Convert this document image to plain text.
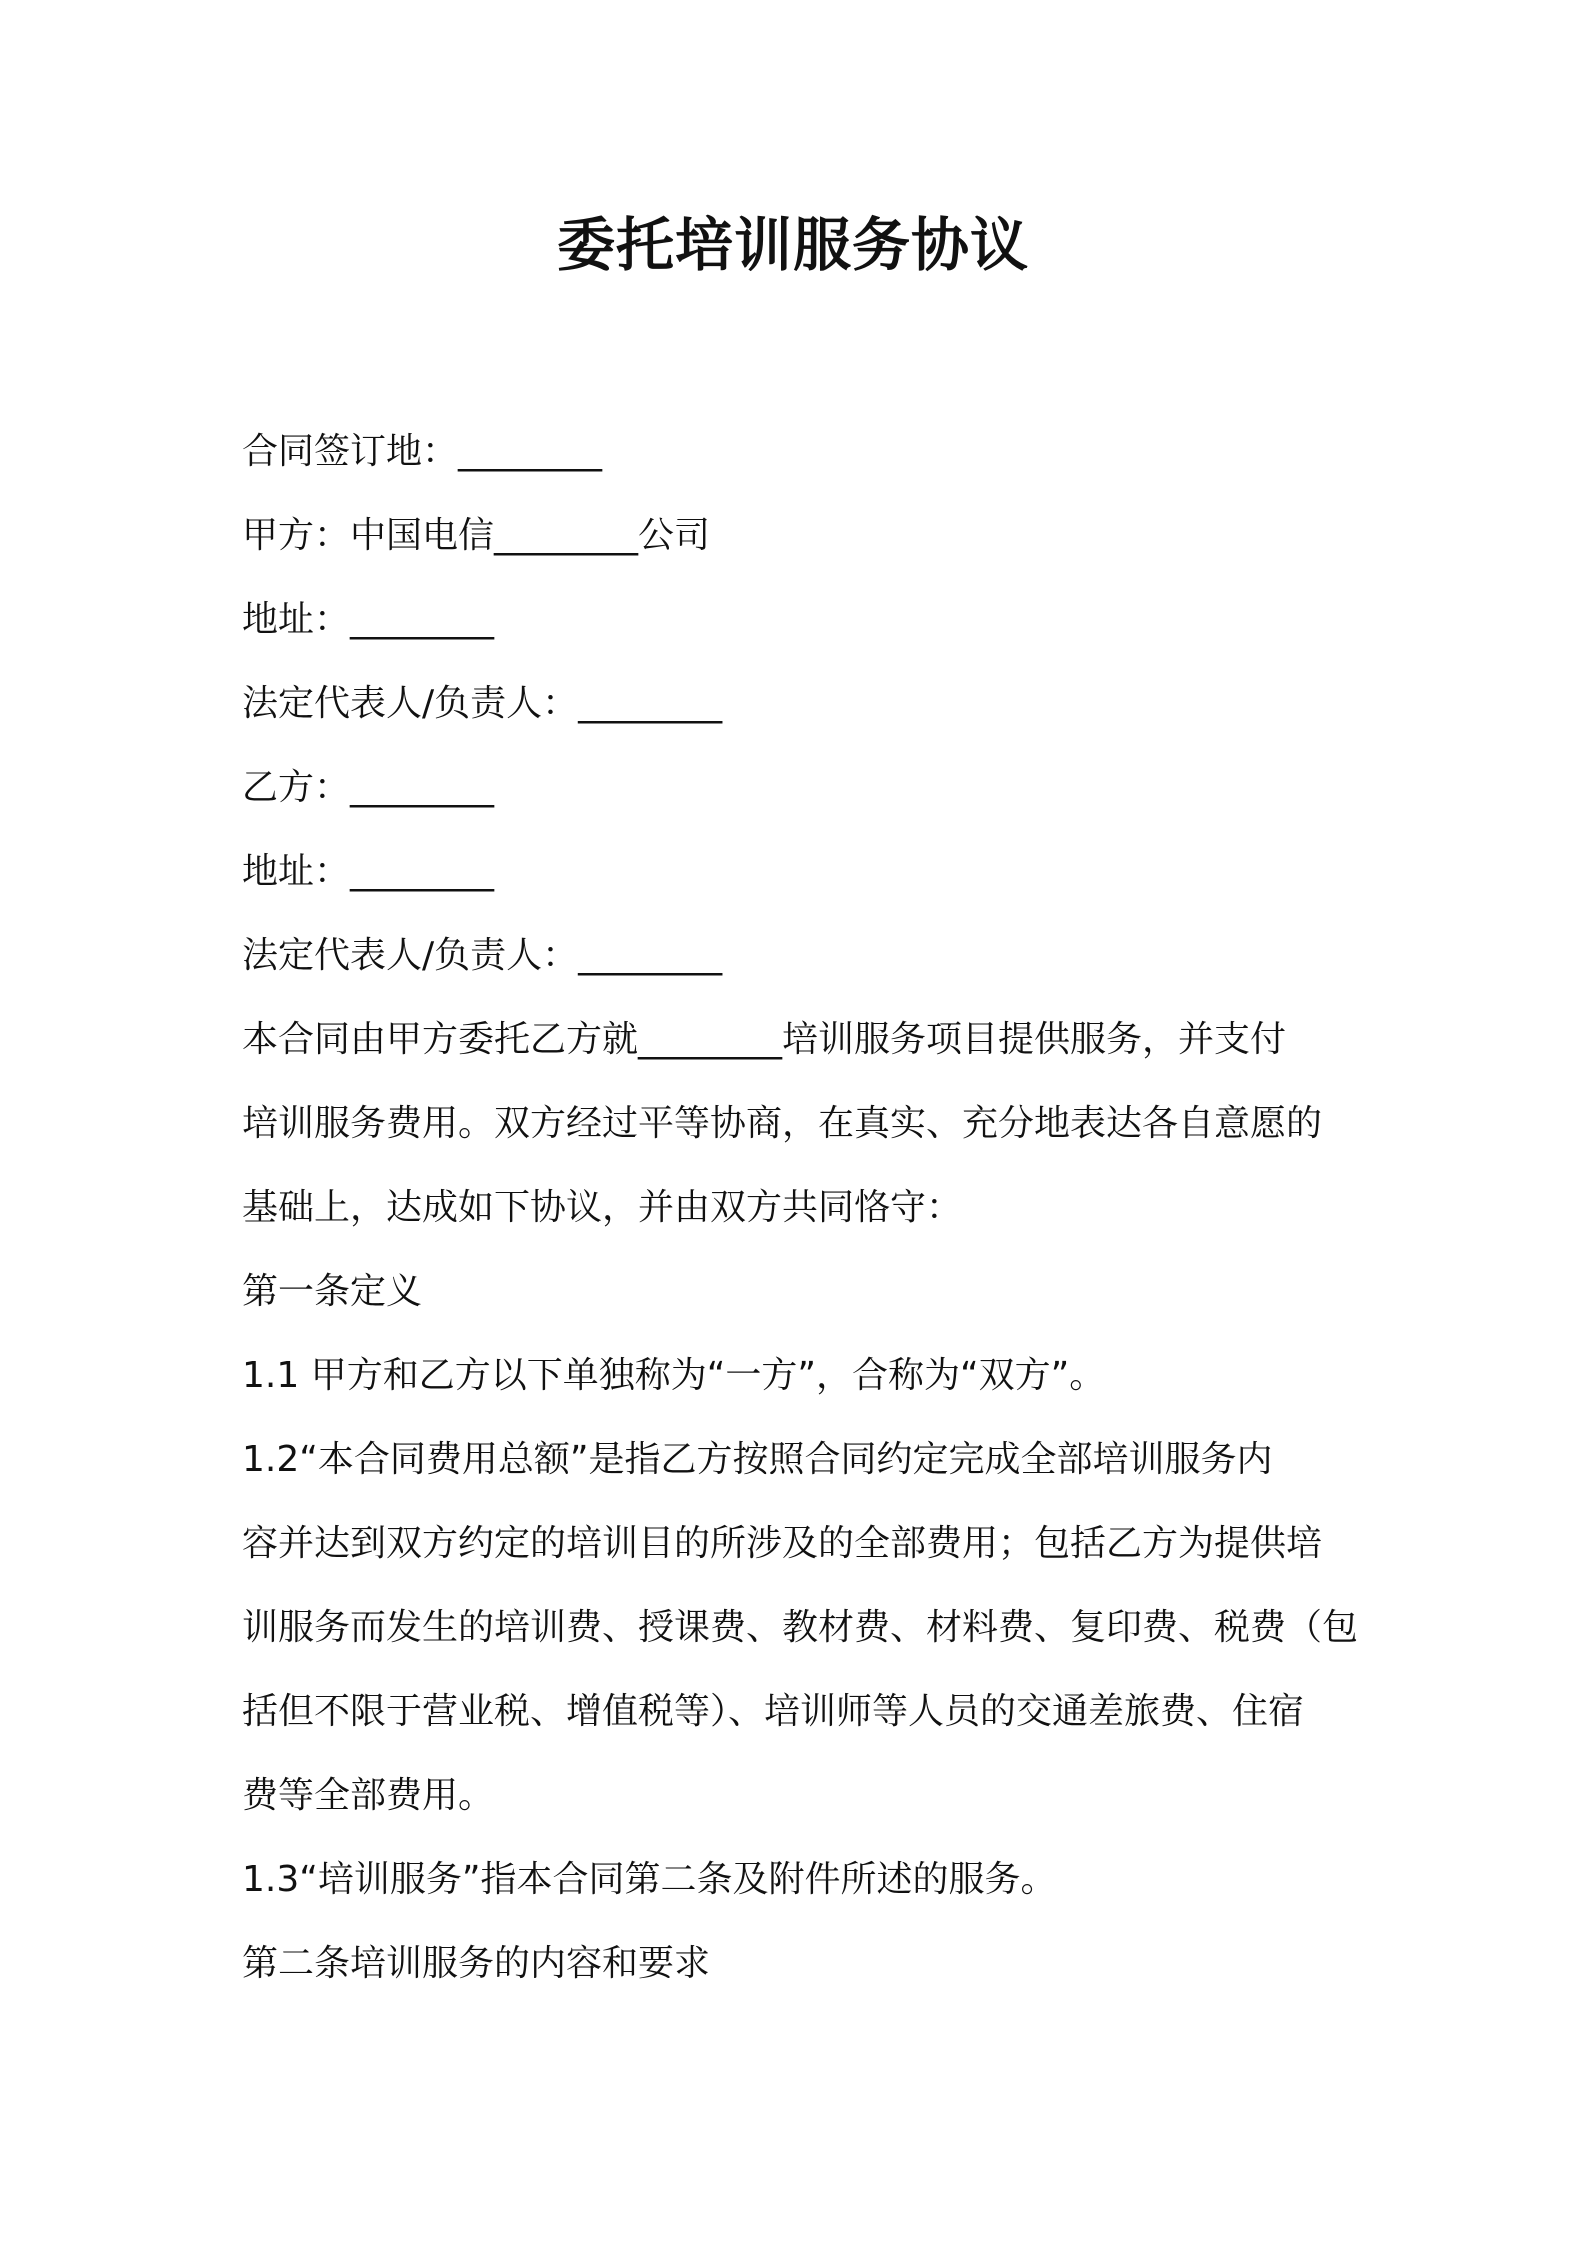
委托培训服务协议

合同签订地：________

甲方：中国电信________公司

地址：________

法定代表人/负责人：________

乙方：________

地址：________

法定代表人/负责人：________

本合同由甲方委托乙方就________培训服务项目提供服务，并支付

培训服务费用。双方经过平等协商，在真实、充分地表达各自意愿的

基础上，达成如下协议，并由双方共同恪守：

第一条定义

1.1 甲方和乙方以下单独称为“一方”，合称为“双方”。

1.2“本合同费用总额”是指乙方按照合同约定完成全部培训服务内

容并达到双方约定的培训目的所涉及的全部费用；包括乙方为提供培

训服务而发生的培训费、授课费、教材费、材料费、复印费、税费（包

括但不限于营业税、增值税等）、培训师等人员的交通差旅费、住宿

费等全部费用。

1.3“培训服务”指本合同第二条及附件所述的服务。

第二条培训服务的内容和要求
